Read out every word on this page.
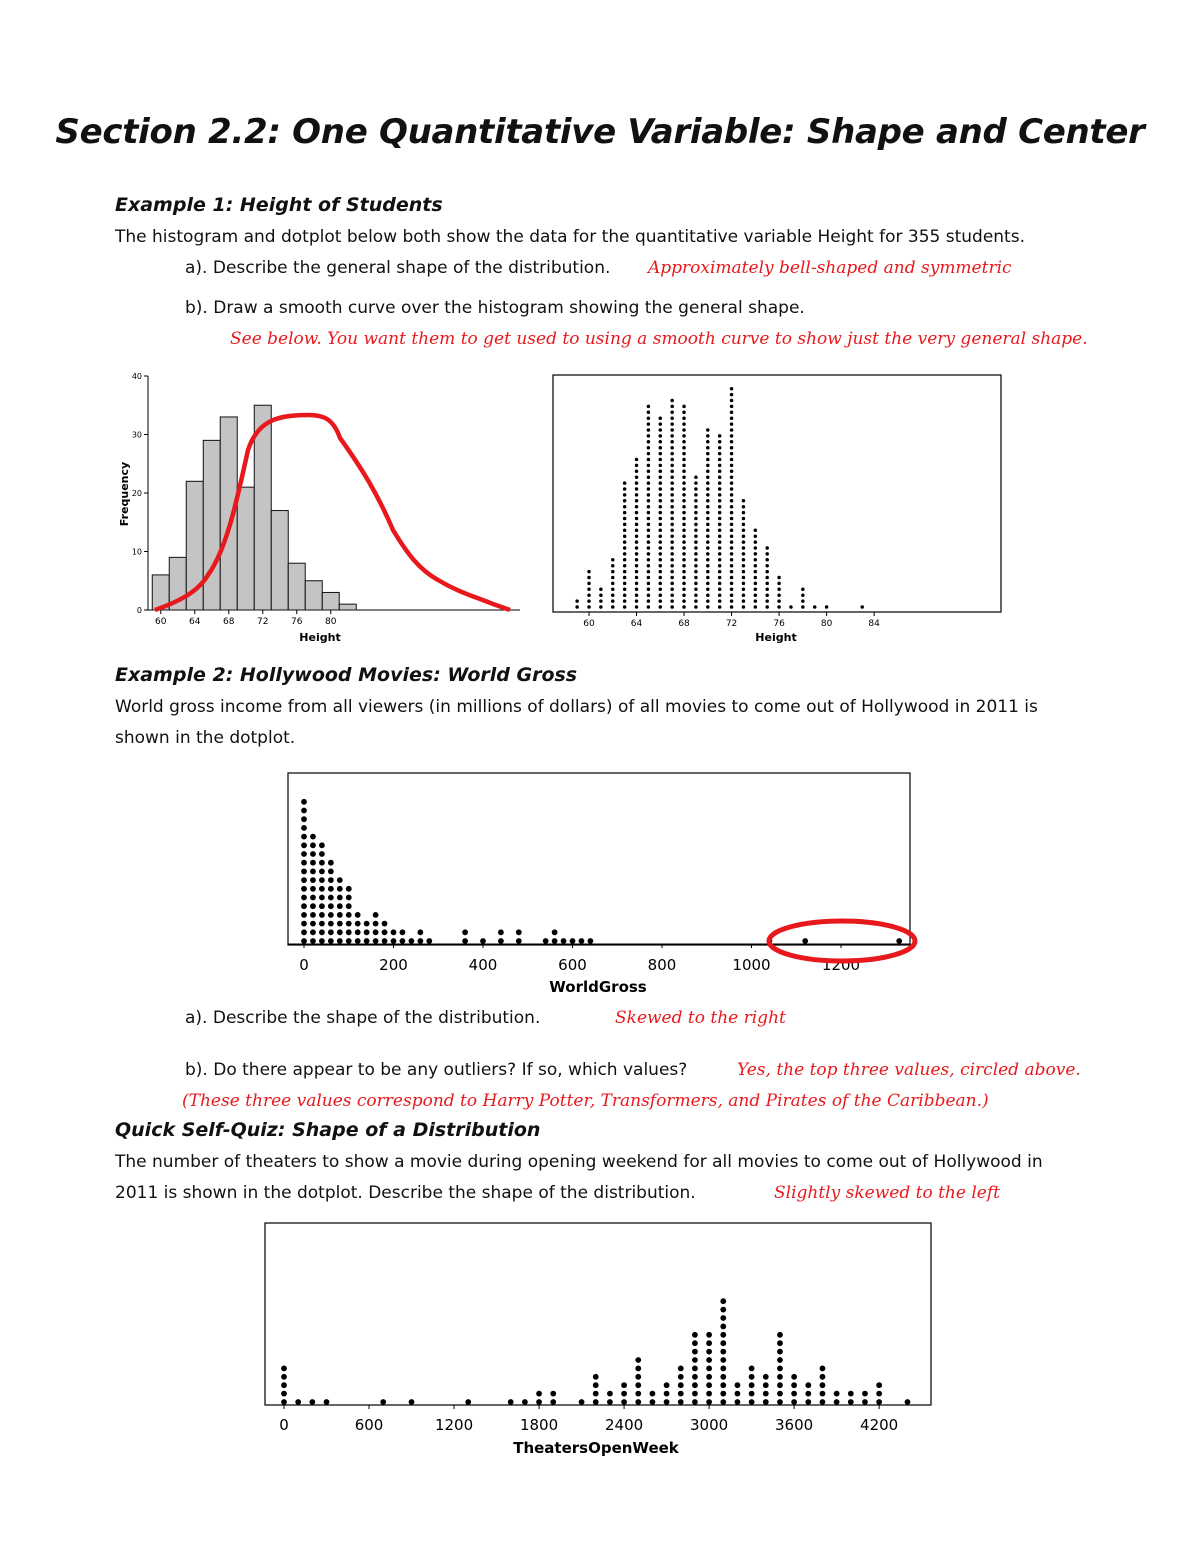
Section 2.2: One Quantitative Variable: Shape and Center
Example 1: Height of Students
The histogram and dotplot below both show the data for the quantitative variable Height for 355 students.
a). Describe the general shape of the distribution. Approximately bell-shaped and symmetric
b). Draw a smooth curve over the histogram showing the general shape.
See below. You want them to get used to using a smooth curve to show just the very general shape.
0
10
20
30
40
60	64	68	72	76	80
Height
Frequency
60	64	68	72	76	80	84
Height
Example 2: Hollywood Movies: World Gross
World gross income from all viewers (in millions of dollars) of all movies to come out of Hollywood in 2011 is
shown in the dotplot.
0	200	400	600	800	1000	1200
WorldGross
a). Describe the shape of the distribution.	Skewed to the right
b). Do there appear to be any outliers? If so, which values?	Yes, the top three values, circled above.
(These three values correspond to Harry Potter, Transformers, and Pirates of the Caribbean.)
Quick Self-Quiz: Shape of a Distribution
The number of theaters to show a movie during opening weekend for all movies to come out of Hollywood in
2011 is shown in the dotplot. Describe the shape of the distribution.	Slightly skewed to the left
0	600	1200	1800	2400	3000	3600	4200
TheatersOpenWeek
